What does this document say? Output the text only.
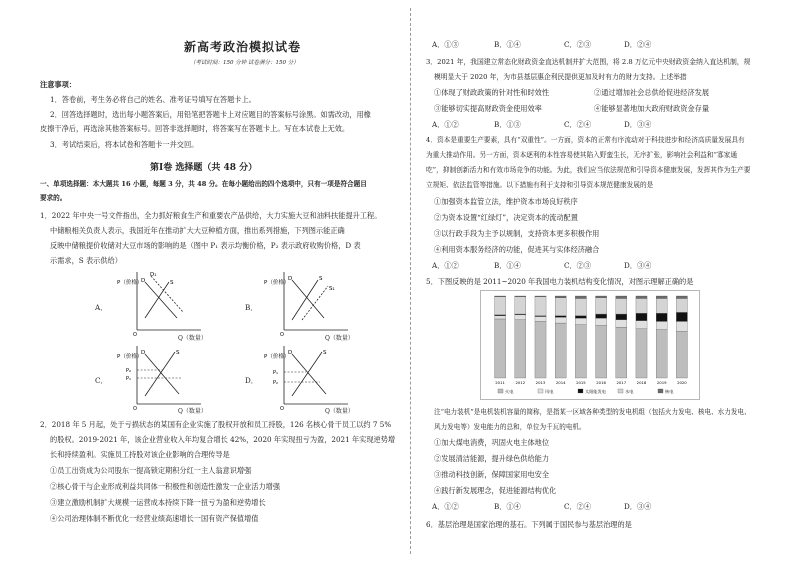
新高考政治模拟试卷
（考试时间：150 分钟 试卷满分：150 分）
注意事项：
1．答卷前，考生务必将自己的姓名、准考证号填写在答题卡上。
2．回答选择题时，选出每小题答案后，用铅笔把答题卡上对应题目的答案标号涂黑。如需改动，用橡
皮擦干净后，再选涂其他答案标号。回答非选择题时，将答案写在答题卡上。写在本试卷上无效。
3．考试结束后，将本试卷和答题卡一并交回。
第Ⅰ卷 选择题（共 48 分）
一、单项选择题：本大题共 16 小题，每题 3 分，共 48 分。在每小题给出的四个选项中，只有一项是符合题目
要求的。
1．2022 年中央一号文件指出，全力抓好粮食生产和重要农产品供给，大力实施大豆和油料扶能提升工程。
中储粮相关负责人表示，我国近年在推动扩大大豆种植方面，推出系列措施，下列图示能正确
反映中储粮提价收储对大豆市场的影响的是（图中 P₁ 表示均衡价格，P₂ 表示政府收购价格，D 表
示需求，S 表示供给）
A．	B．
C．	D．
P（价格）
O
D
D₁
S
Q（数量）
P（价格）
O
D	S
S₁
Q（数量）
P（价格）
O
P₂
P₁
D	S
Q（数量）
P（价格）
O
P₁
P₂
D	S
Q（数量）
2．2018 年 5 月起，处于亏损状态的某国有企业实施了股权开放和员工持股，126 名核心骨干员工以约 7 5%
的股权。2019-2021 年，该企业营业收入年均复合增长 42%，2020 年实现扭亏为盈，2021 年实现逆势增
长和持续盈利。实施员工持股对该企业影响的合理传导是
①员工出资成为公司股东一提高锁定期积分红一主人翁意识增强
②核心骨干与企业形成利益共同体一积极性和创造性激发一企业活力增强
③建立激励机制扩大规模一运营成本持续下降一扭亏为盈和逆势增长
④公司治理体制不断优化一经营业绩高速增长一国有资产保值增值
A．①③	B．①④	C．②③	D．②④
3．2021 年，我国建立常态化财政资金直达机制并扩大范围，将 2.8 万亿元中央财政资金纳入直达机制，规
模明显大于 2020 年，为市县基层惠企利民提供更加及时有力的财力支持。上述举措
①体现了财政政策的针对性和时效性	②通过增加社会总供给促进经济发展
③能够切实提高财政资金使用效率	④能够显著地加大政府财政资金存量
A．①②	B．①③	C．②④	D．③④
4．资本是重要生产要素，具有“双重性”。一方面，资本的正常有序流动对于科技进步和经济高质量发展具有
为重大推动作用。另一方面，资本逐利的本性容易使其陷入野蛮生长，无序扩张，影响社会利益和“寡家通
吃”，抑制创新活力和有效市场竞争的功能。为此，我们应当依法规范和引导资本健康发展，发挥其作为生产要
立规矩、依法监管等措施。以下措施有利于支持和引导资本规范健康发展的是
①加强资本监管立法，维护资本市场良好秩序
②为资本设置“红绿灯”，决定资本的流动配置
③以行政手段为主予以规制，支持资本更多积极作用
④利用资本服务经济的功能，促进其与实体经济融合
A．①②	B．①④	C．②③	D．③④
5．下图反映的是 2011~2020 年我国电力装机结构变化情况，对图示理解正确的是
2011	2012	2013	2014	2015	2016	2017	2018	2019	2020
火电	风电	太阳能发电	水电	核电
注“电力装机”是电机装机容量的简称，是指某一区域各种类型的发电机组（包括火力发电、核电、水力发电、
风力发电等）发电能力的总和，单位为千瓦的电机。
①加大煤电消费，巩固火电主体地位
②发展清洁能源，提升绿色供给能力
③推动科技创新，保障国家用电安全
④践行新发展理念，促进能源结构优化
A．①②	B．①④	C．②④	D．③④
6．基层治理是国家治理的基石。下列属于国民参与基层治理的是
